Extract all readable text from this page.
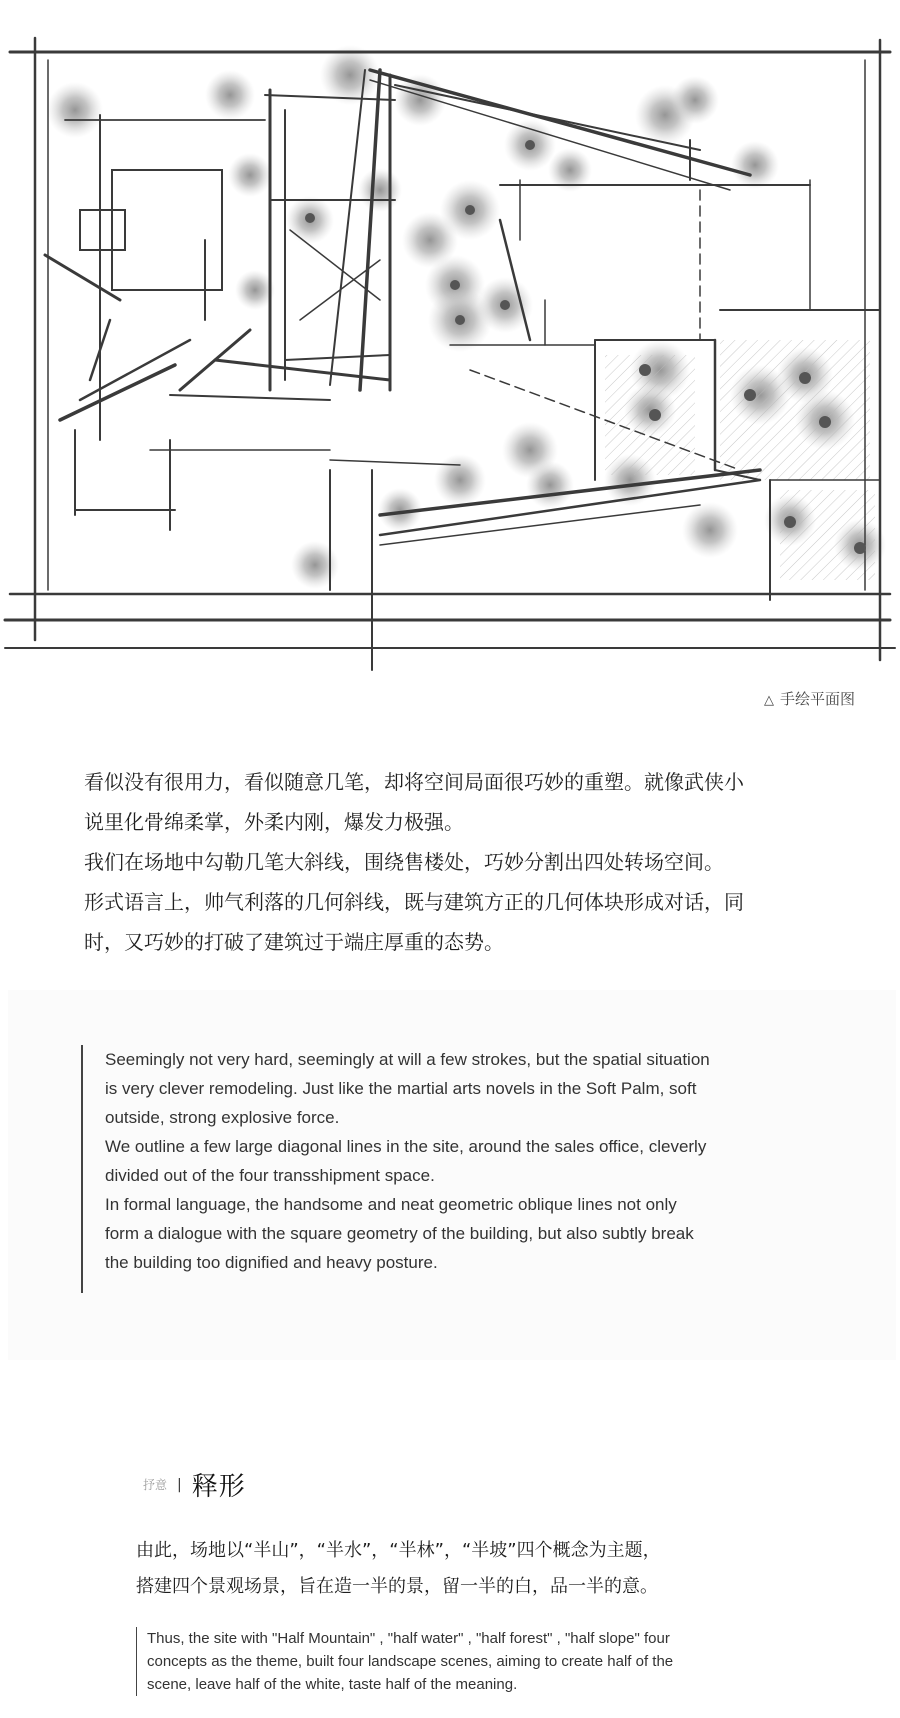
△ 手绘平面图

看似没有很用力，看似随意几笔，却将空间局面很巧妙的重塑。就像武侠小

说里化骨绵柔掌，外柔内刚，爆发力极强。

我们在场地中勾勒几笔大斜线，围绕售楼处，巧妙分割出四处转场空间。

形式语言上，帅气利落的几何斜线，既与建筑方正的几何体块形成对话，同

时，又巧妙的打破了建筑过于端庄厚重的态势。

Seemingly not very hard, seemingly at will a few strokes, but the spatial situation

is very clever remodeling. Just like the martial arts novels in the Soft Palm, soft

outside, strong explosive force.

We outline a few large diagonal lines in the site, around the sales office, cleverly

divided out of the four transshipment space.

In formal language, the handsome and neat geometric oblique lines not only

form a dialogue with the square geometry of the building, but also subtly break

the building too dignified and heavy posture.

抒意 | 释形

由此，场地以“半山”，“半水”，“半林”，“半坡”四个概念为主题，

搭建四个景观场景，旨在造一半的景，留一半的白，品一半的意。

Thus, the site with "Half Mountain" , "half water" , "half forest" , "half slope" four

concepts as the theme, built four landscape scenes, aiming to create half of the

scene, leave half of the white, taste half of the meaning.
